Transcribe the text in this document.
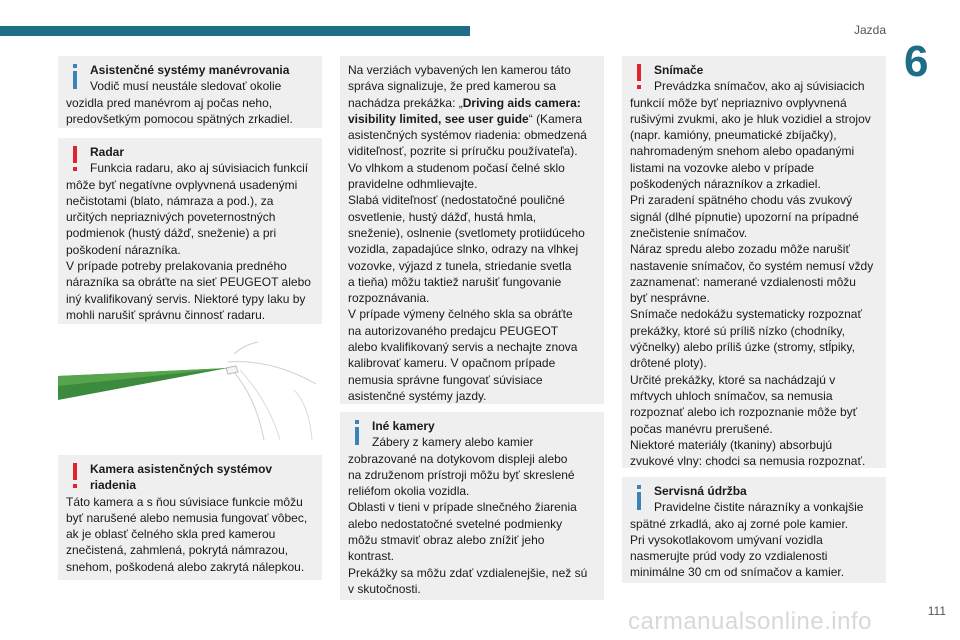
Jazda
6
Asistenčné systémy manévrovania
Vodič musí neustále sledovať okolie
vozidla pred manévrom aj počas neho,
predovšetkým pomocou spätných zrkadiel.
Radar
Funkcia radaru, ako aj súvisiacich funkcií
môže byť negatívne ovplyvnená usadenými
nečistotami (blato, námraza a pod.), za
určitých nepriaznivých poveternostných
podmienok (hustý dážď, sneženie) a pri
poškodení nárazníka.
V prípade potreby prelakovania predného
nárazníka sa obráťte na sieť PEUGEOT alebo
iný kvalifikovaný servis. Niektoré typy laku by
mohli narušiť správnu činnosť radaru.
Kamera asistenčných systémov riadenia
Táto kamera a s ňou súvisiace funkcie môžu
byť narušené alebo nemusia fungovať vôbec,
ak je oblasť čelného skla pred kamerou
znečistená, zahmlená, pokrytá námrazou,
snehom, poškodená alebo zakrytá nálepkou.
Na verziách vybavených len kamerou táto
správa signalizuje, že pred kamerou sa
nachádza prekážka: „Driving aids camera: visibility limited, see user guide“ (Kamera
asistenčných systémov riadenia: obmedzená
viditeľnosť, pozrite si príručku používateľa).
Vo vlhkom a studenom počasí čelné sklo
pravidelne odhmlievajte.
Slabá viditeľnosť (nedostatočné pouličné
osvetlenie, hustý dážď, hustá hmla,
sneženie), oslnenie (svetlomety protiidúceho
vozidla, zapadajúce slnko, odrazy na vlhkej
vozovke, výjazd z tunela, striedanie svetla
a tieňa) môžu taktiež narušiť fungovanie
rozpoznávania.
V prípade výmeny čelného skla sa obráťte
na autorizovaného predajcu PEUGEOT
alebo kvalifikovaný servis a nechajte znova
kalibrovať kameru. V opačnom prípade
nemusia správne fungovať súvisiace
asistenčné systémy jazdy.
Iné kamery
Zábery z kamery alebo kamier
zobrazované na dotykovom displeji alebo
na združenom prístroji môžu byť skreslené
reliéfom okolia vozidla.
Oblasti v tieni v prípade slnečného žiarenia
alebo nedostatočné svetelné podmienky
môžu stmaviť obraz alebo znížiť jeho
kontrast.
Prekážky sa môžu zdať vzdialenejšie, než sú
v skutočnosti.
Snímače
Prevádzka snímačov, ako aj súvisiacich
funkcií môže byť nepriaznivo ovplyvnená
rušivými zvukmi, ako je hluk vozidiel a strojov
(napr. kamióny, pneumatické zbíjačky),
nahromadeným snehom alebo opadanými
listami na vozovke alebo v prípade
poškodených nárazníkov a zrkadiel.
Pri zaradení spätného chodu vás zvukový
signál (dlhé pípnutie) upozorní na prípadné
znečistenie snímačov.
Náraz spredu alebo zozadu môže narušiť
nastavenie snímačov, čo systém nemusí vždy
zaznamenať: namerané vzdialenosti môžu
byť nesprávne.
Snímače nedokážu systematicky rozpoznať
prekážky, ktoré sú príliš nízko (chodníky,
výčnelky) alebo príliš úzke (stromy, stĺpiky,
drôtené ploty).
Určité prekážky, ktoré sa nachádzajú v
mŕtvych uhloch snímačov, sa nemusia
rozpoznať alebo ich rozpoznanie môže byť
počas manévru prerušené.
Niektoré materiály (tkaniny) absorbujú
zvukové vlny: chodci sa nemusia rozpoznať.
Servisná údržba
Pravidelne čistite nárazníky a vonkajšie
spätné zrkadlá, ako aj zorné pole kamier.
Pri vysokotlakovom umývaní vozidla
nasmerujte prúd vody zo vzdialenosti
minimálne 30 cm od snímačov a kamier.
111
carmanualsonline.info
